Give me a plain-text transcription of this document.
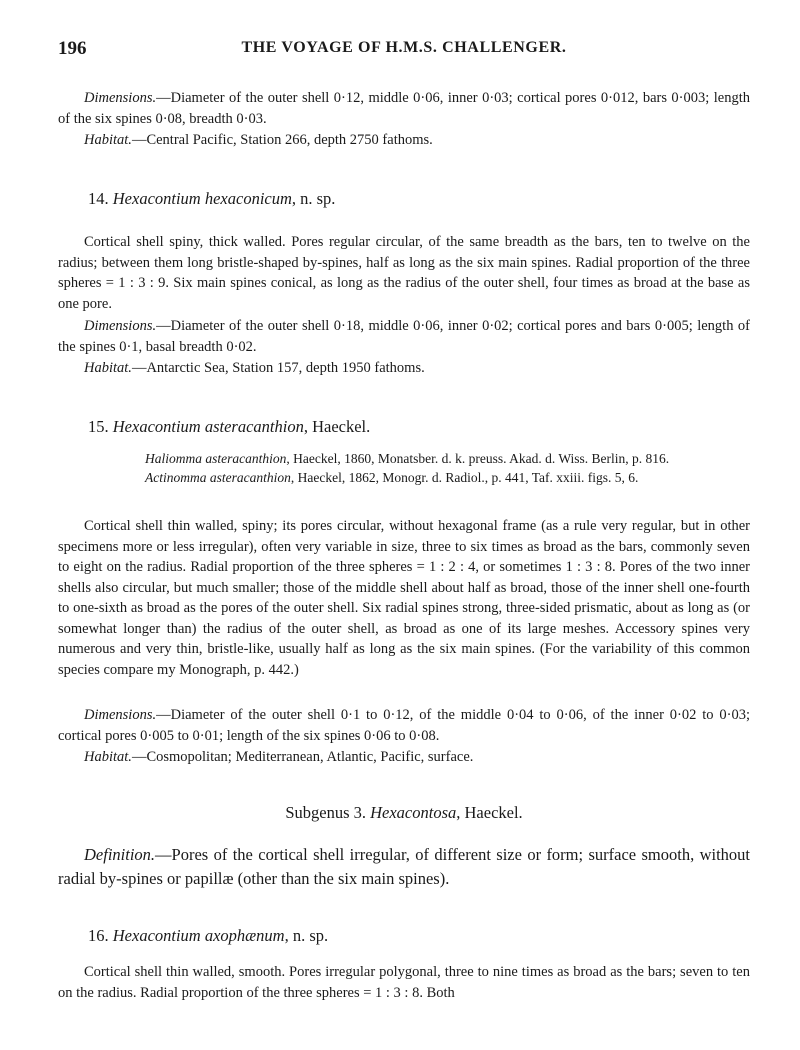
196	THE VOYAGE OF H.M.S. CHALLENGER.

Dimensions.—Diameter of the outer shell 0·12, middle 0·06, inner 0·03; cortical pores 0·012, bars 0·003; length of the six spines 0·08, breadth 0·03.

Habitat.—Central Pacific, Station 266, depth 2750 fathoms.

14. Hexacontium hexaconicum, n. sp.

Cortical shell spiny, thick walled. Pores regular circular, of the same breadth as the bars, ten to twelve on the radius; between them long bristle-shaped by-spines, half as long as the six main spines. Radial proportion of the three spheres = 1 : 3 : 9. Six main spines conical, as long as the radius of the outer shell, four times as broad at the base as one pore.

Dimensions.—Diameter of the outer shell 0·18, middle 0·06, inner 0·02; cortical pores and bars 0·005; length of the spines 0·1, basal breadth 0·02.

Habitat.—Antarctic Sea, Station 157, depth 1950 fathoms.

15. Hexacontium asteracanthion, Haeckel.

Haliomma asteracanthion, Haeckel, 1860, Monatsber. d. k. preuss. Akad. d. Wiss. Berlin, p. 816.

Actinomma asteracanthion, Haeckel, 1862, Monogr. d. Radiol., p. 441, Taf. xxiii. figs. 5, 6.

Cortical shell thin walled, spiny; its pores circular, without hexagonal frame (as a rule very regular, but in other specimens more or less irregular), often very variable in size, three to six times as broad as the bars, commonly seven to eight on the radius. Radial proportion of the three spheres = 1 : 2 : 4, or sometimes 1 : 3 : 8. Pores of the two inner shells also circular, but much smaller; those of the middle shell about half as broad, those of the inner shell one-fourth to one-sixth as broad as the pores of the outer shell. Six radial spines strong, three-sided prismatic, about as long as (or somewhat longer than) the radius of the outer shell, as broad as one of its large meshes. Accessory spines very numerous and very thin, bristle-like, usually half as long as the six main spines. (For the variability of this common species compare my Monograph, p. 442.)

Dimensions.—Diameter of the outer shell 0·1 to 0·12, of the middle 0·04 to 0·06, of the inner 0·02 to 0·03; cortical pores 0·005 to 0·01; length of the six spines 0·06 to 0·08.

Habitat.—Cosmopolitan; Mediterranean, Atlantic, Pacific, surface.

Subgenus 3. Hexacontosa, Haeckel.

Definition.—Pores of the cortical shell irregular, of different size or form; surface smooth, without radial by-spines or papillæ (other than the six main spines).

16. Hexacontium axophænum, n. sp.

Cortical shell thin walled, smooth. Pores irregular polygonal, three to nine times as broad as the bars; seven to ten on the radius. Radial proportion of the three spheres = 1 : 3 : 8. Both
